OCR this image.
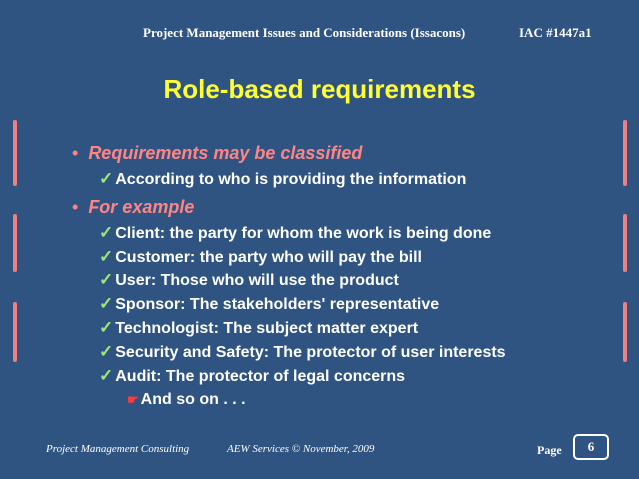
Project Management Issues and Considerations (Issacons)	IAC #1447a1
Role-based requirements
• Requirements may be classified
✓ According to who is providing the information
• For example
✓ Client: the party for whom the work is being done
✓ Customer: the party who will pay the bill
✓ User: Those who will use the product
✓ Sponsor: The stakeholders' representative
✓ Technologist: The subject matter expert
✓ Security and Safety: The protector of user interests
✓ Audit: The protector of legal concerns
☛ And so on . . .
Project Management Consulting	AEW Services © November, 2009	Page	6
